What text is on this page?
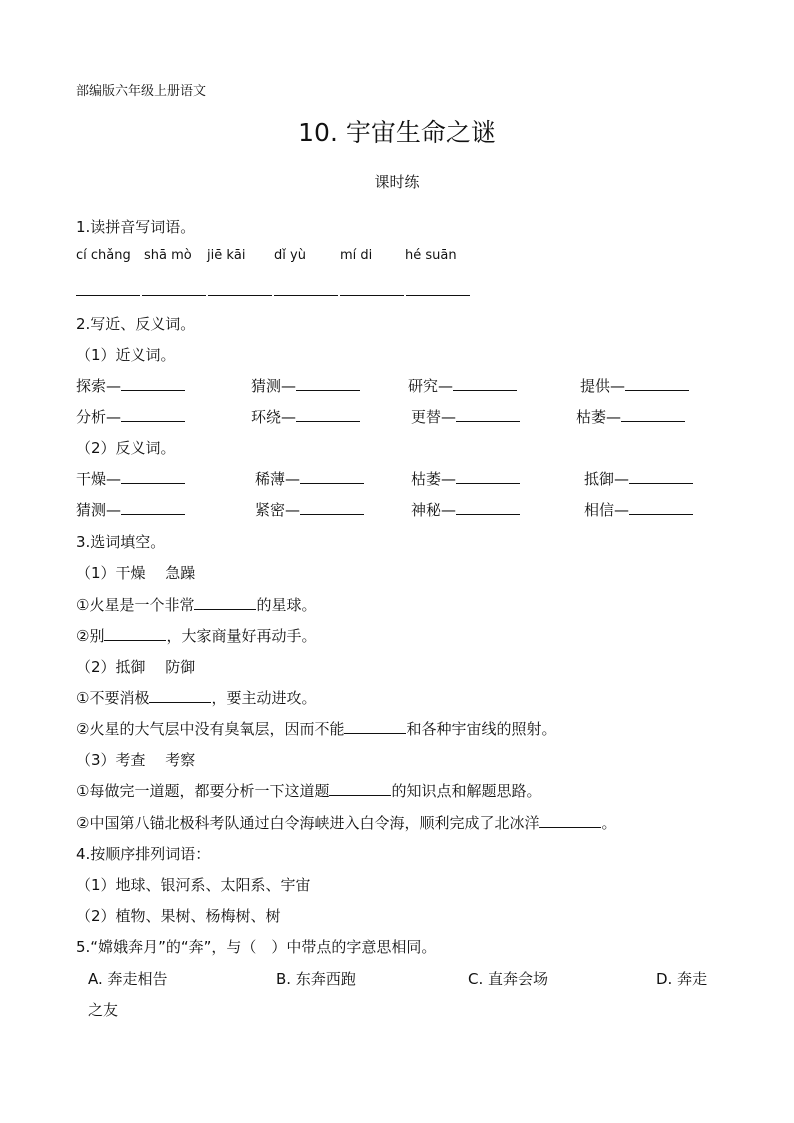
部编版六年级上册语文
10. 宇宙生命之谜
课时练
1.读拼音写词语。
cí chǎng shā mò jiē kāi dǐ yù	mí di	hé suān
2.写近、反义词。
（1）近义词。
探索—	猜测—	研究—	提供—
分析—	环绕—	更替—	枯萎—
（2）反义词。
干燥—	稀薄—	枯萎—	抵御—
猜测—	紧密—	神秘—	相信—
3.选词填空。
（1）干燥　 急躁
①火星是一个非常	的星球。
②别	，大家商量好再动手。
（2）抵御　 防御
①不要消极	，要主动进攻。
②火星的大气层中没有臭氧层，因而不能	和各种宇宙线的照射。
（3）考查　 考察
①每做完一道题，都要分析一下这道题	的知识点和解题思路。
②中国第八锚北极科考队通过白令海峡进入白令海，顺利完成了北冰洋	。
4.按顺序排列词语：
（1）地球、银河系、太阳系、宇宙
（2）植物、果树、杨梅树、树
5.“嫦娥奔月”的“奔”，与（　）中带点的字意思相同。
A. 奔走相告	B. 东奔西跑	C. 直奔会场	D. 奔走
之友
